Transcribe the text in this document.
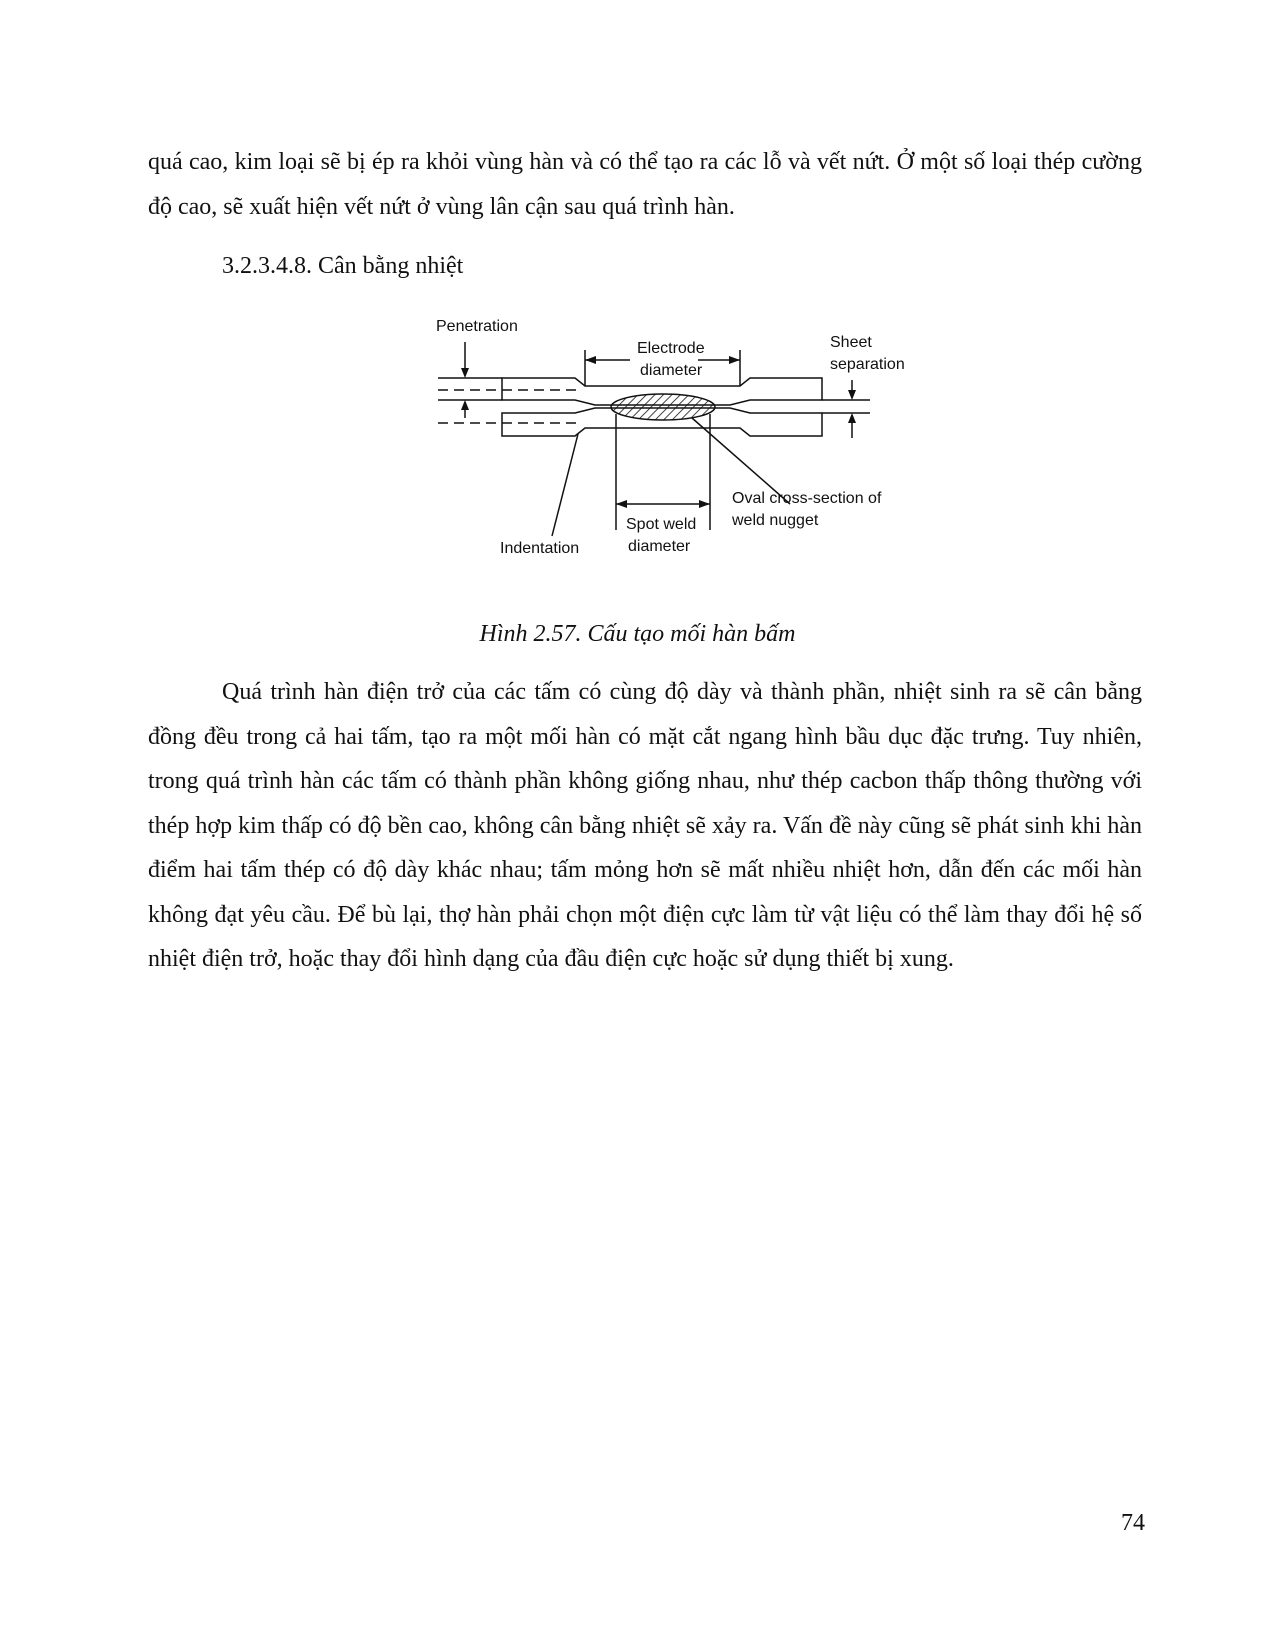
quá cao, kim loại sẽ bị ép ra khỏi vùng hàn và có thể tạo ra các lỗ và vết nứt. Ở một số loại thép cường độ cao, sẽ xuất hiện vết nứt ở vùng lân cận sau quá trình hàn.

3.2.3.4.8. Cân bằng nhiệt
Penetration
Electrode
diameter
Sheet
separation
Oval cross-section of
weld nugget
Spot weld
diameter
Indentation

Hình 2.57. Cấu tạo mối hàn bấm

Quá trình hàn điện trở của các tấm có cùng độ dày và thành phần, nhiệt sinh ra sẽ cân bằng đồng đều trong cả hai tấm, tạo ra một mối hàn có mặt cắt ngang hình bầu dục đặc trưng. Tuy nhiên, trong quá trình hàn các tấm có thành phần không giống nhau, như thép cacbon thấp thông thường với thép hợp kim thấp có độ bền cao, không cân bằng nhiệt sẽ xảy ra. Vấn đề này cũng sẽ phát sinh khi hàn điểm hai tấm thép có độ dày khác nhau; tấm mỏng hơn sẽ mất nhiều nhiệt hơn, dẫn đến các mối hàn không đạt yêu cầu. Để bù lại, thợ hàn phải chọn một điện cực làm từ vật liệu có thể làm thay đổi hệ số nhiệt điện trở, hoặc thay đổi hình dạng của đầu điện cực hoặc sử dụng thiết bị xung.

74
